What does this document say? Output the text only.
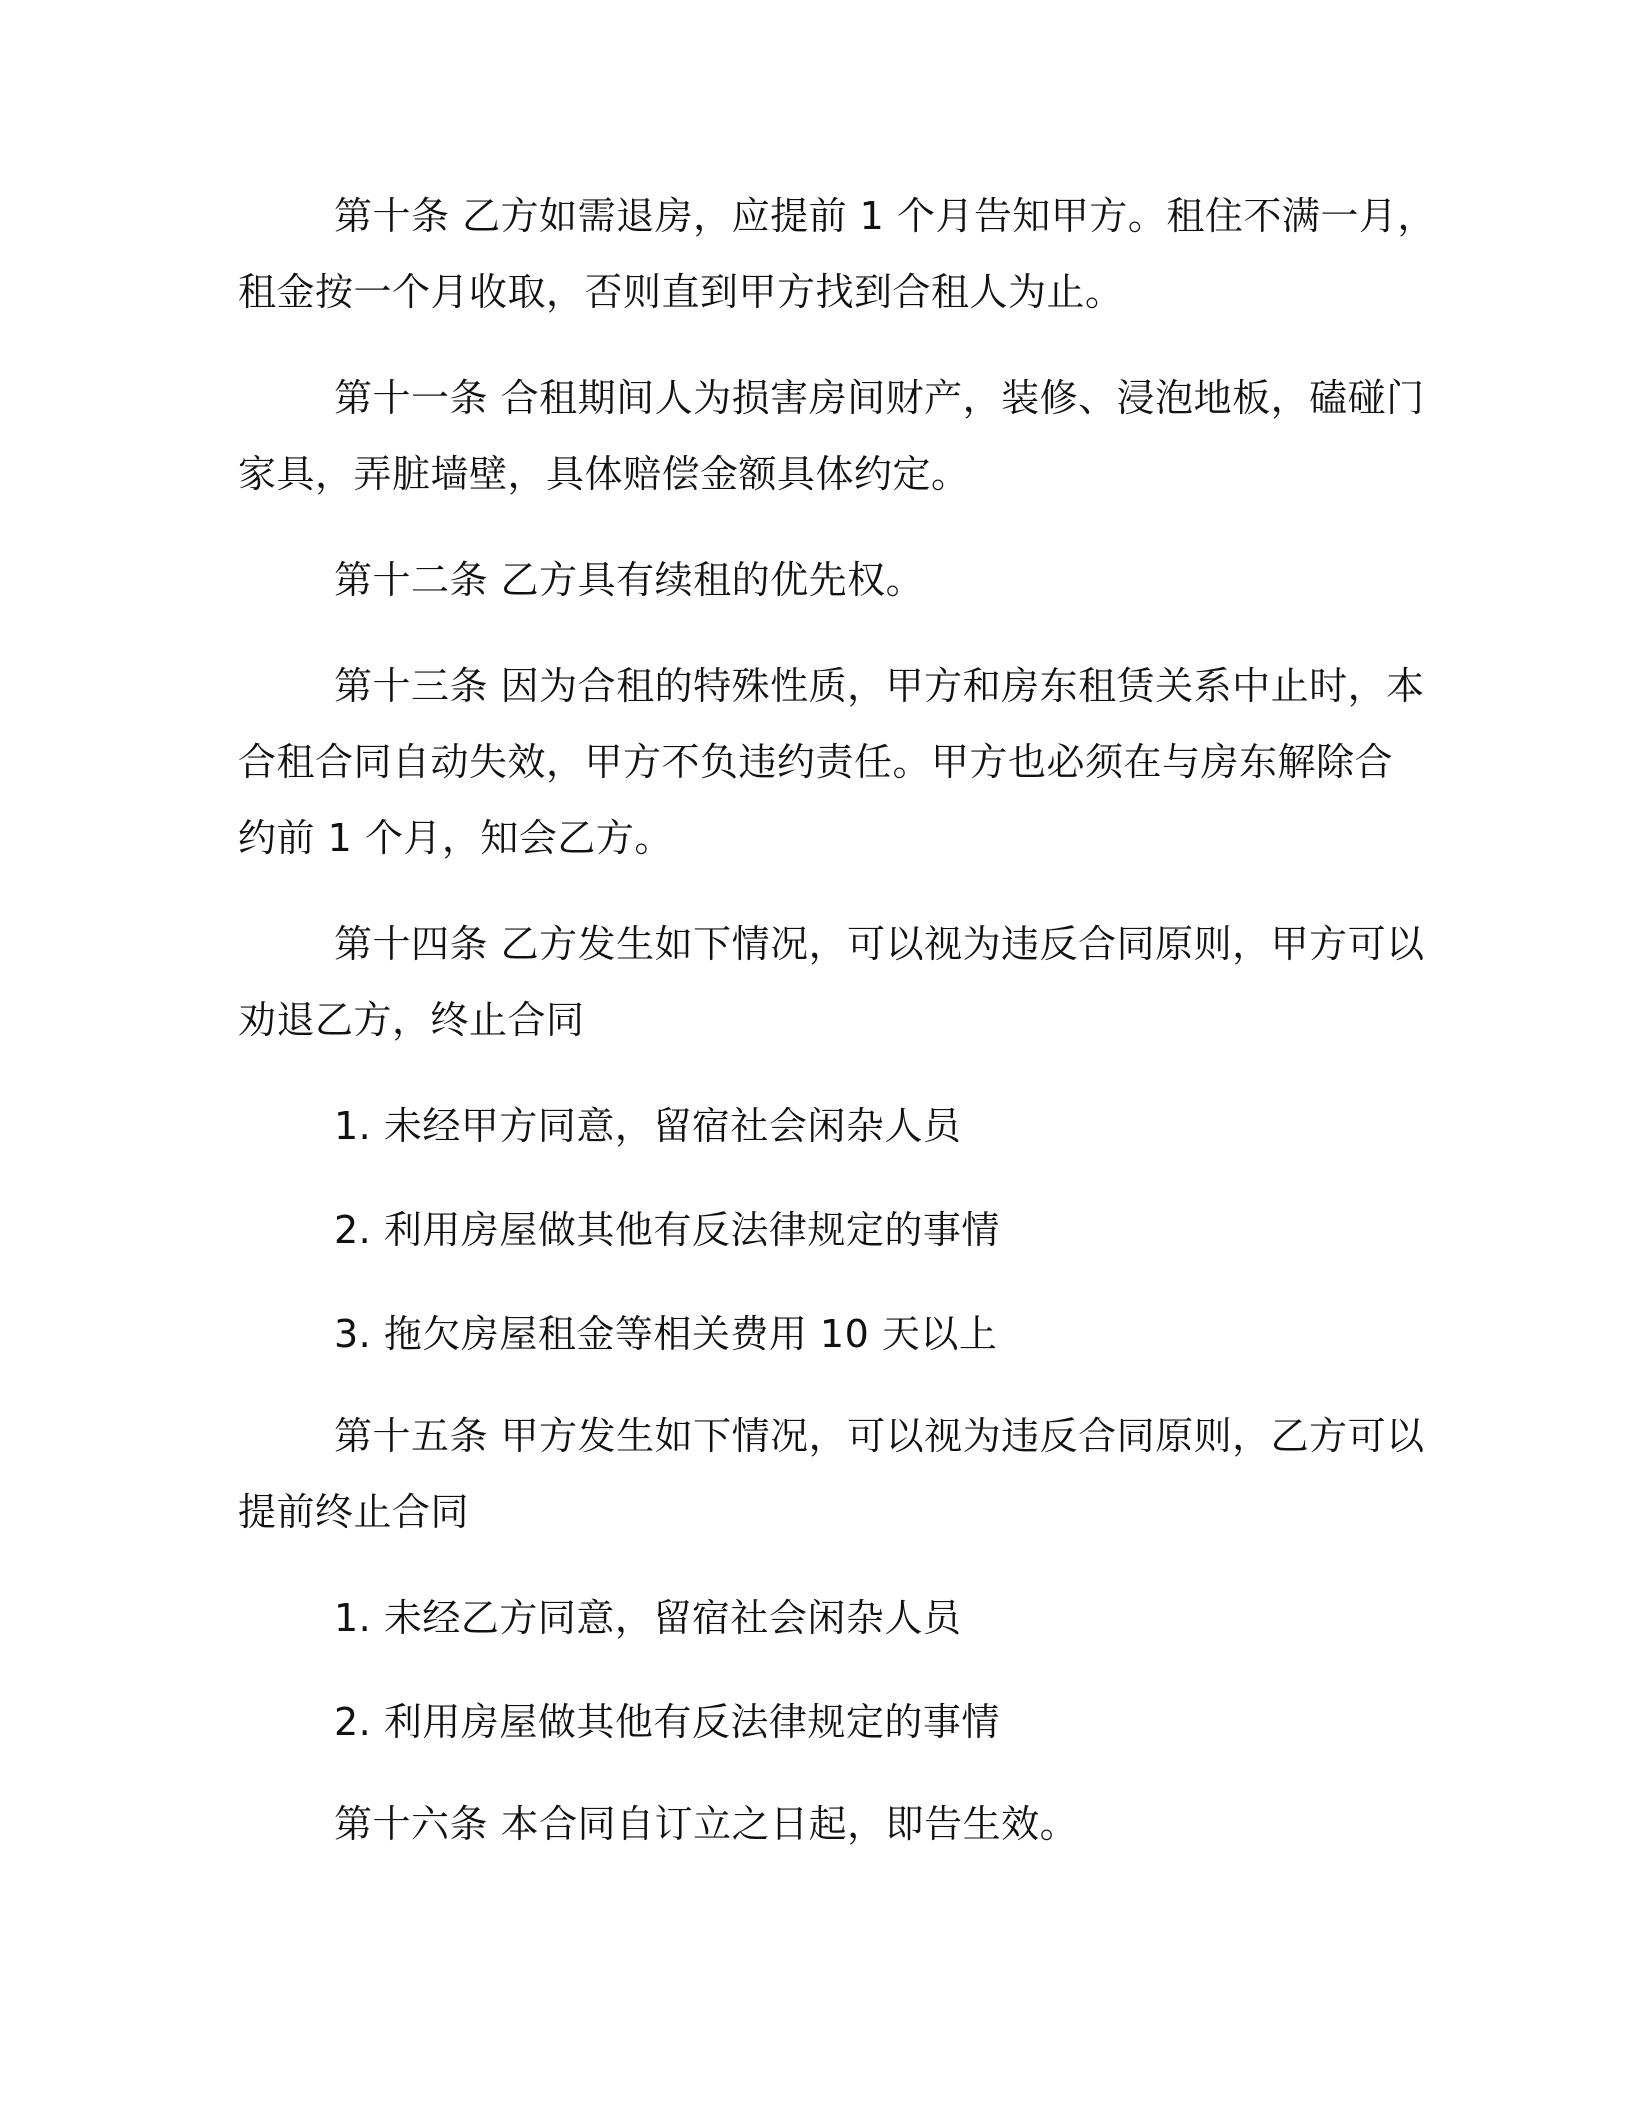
第十条 乙方如需退房，应提前 1 个月告知甲方。租住不满一月，
租金按一个月收取，否则直到甲方找到合租人为止。

第十一条 合租期间人为损害房间财产，装修、浸泡地板，磕碰门
家具，弄脏墙壁，具体赔偿金额具体约定。

第十二条 乙方具有续租的优先权。

第十三条 因为合租的特殊性质，甲方和房东租赁关系中止时，本
合租合同自动失效，甲方不负违约责任。甲方也必须在与房东解除合
约前 1 个月，知会乙方。

第十四条 乙方发生如下情况，可以视为违反合同原则，甲方可以
劝退乙方，终止合同

1. 未经甲方同意，留宿社会闲杂人员

2. 利用房屋做其他有反法律规定的事情

3. 拖欠房屋租金等相关费用 10 天以上

第十五条 甲方发生如下情况，可以视为违反合同原则，乙方可以
提前终止合同

1. 未经乙方同意，留宿社会闲杂人员

2. 利用房屋做其他有反法律规定的事情

第十六条 本合同自订立之日起，即告生效。
